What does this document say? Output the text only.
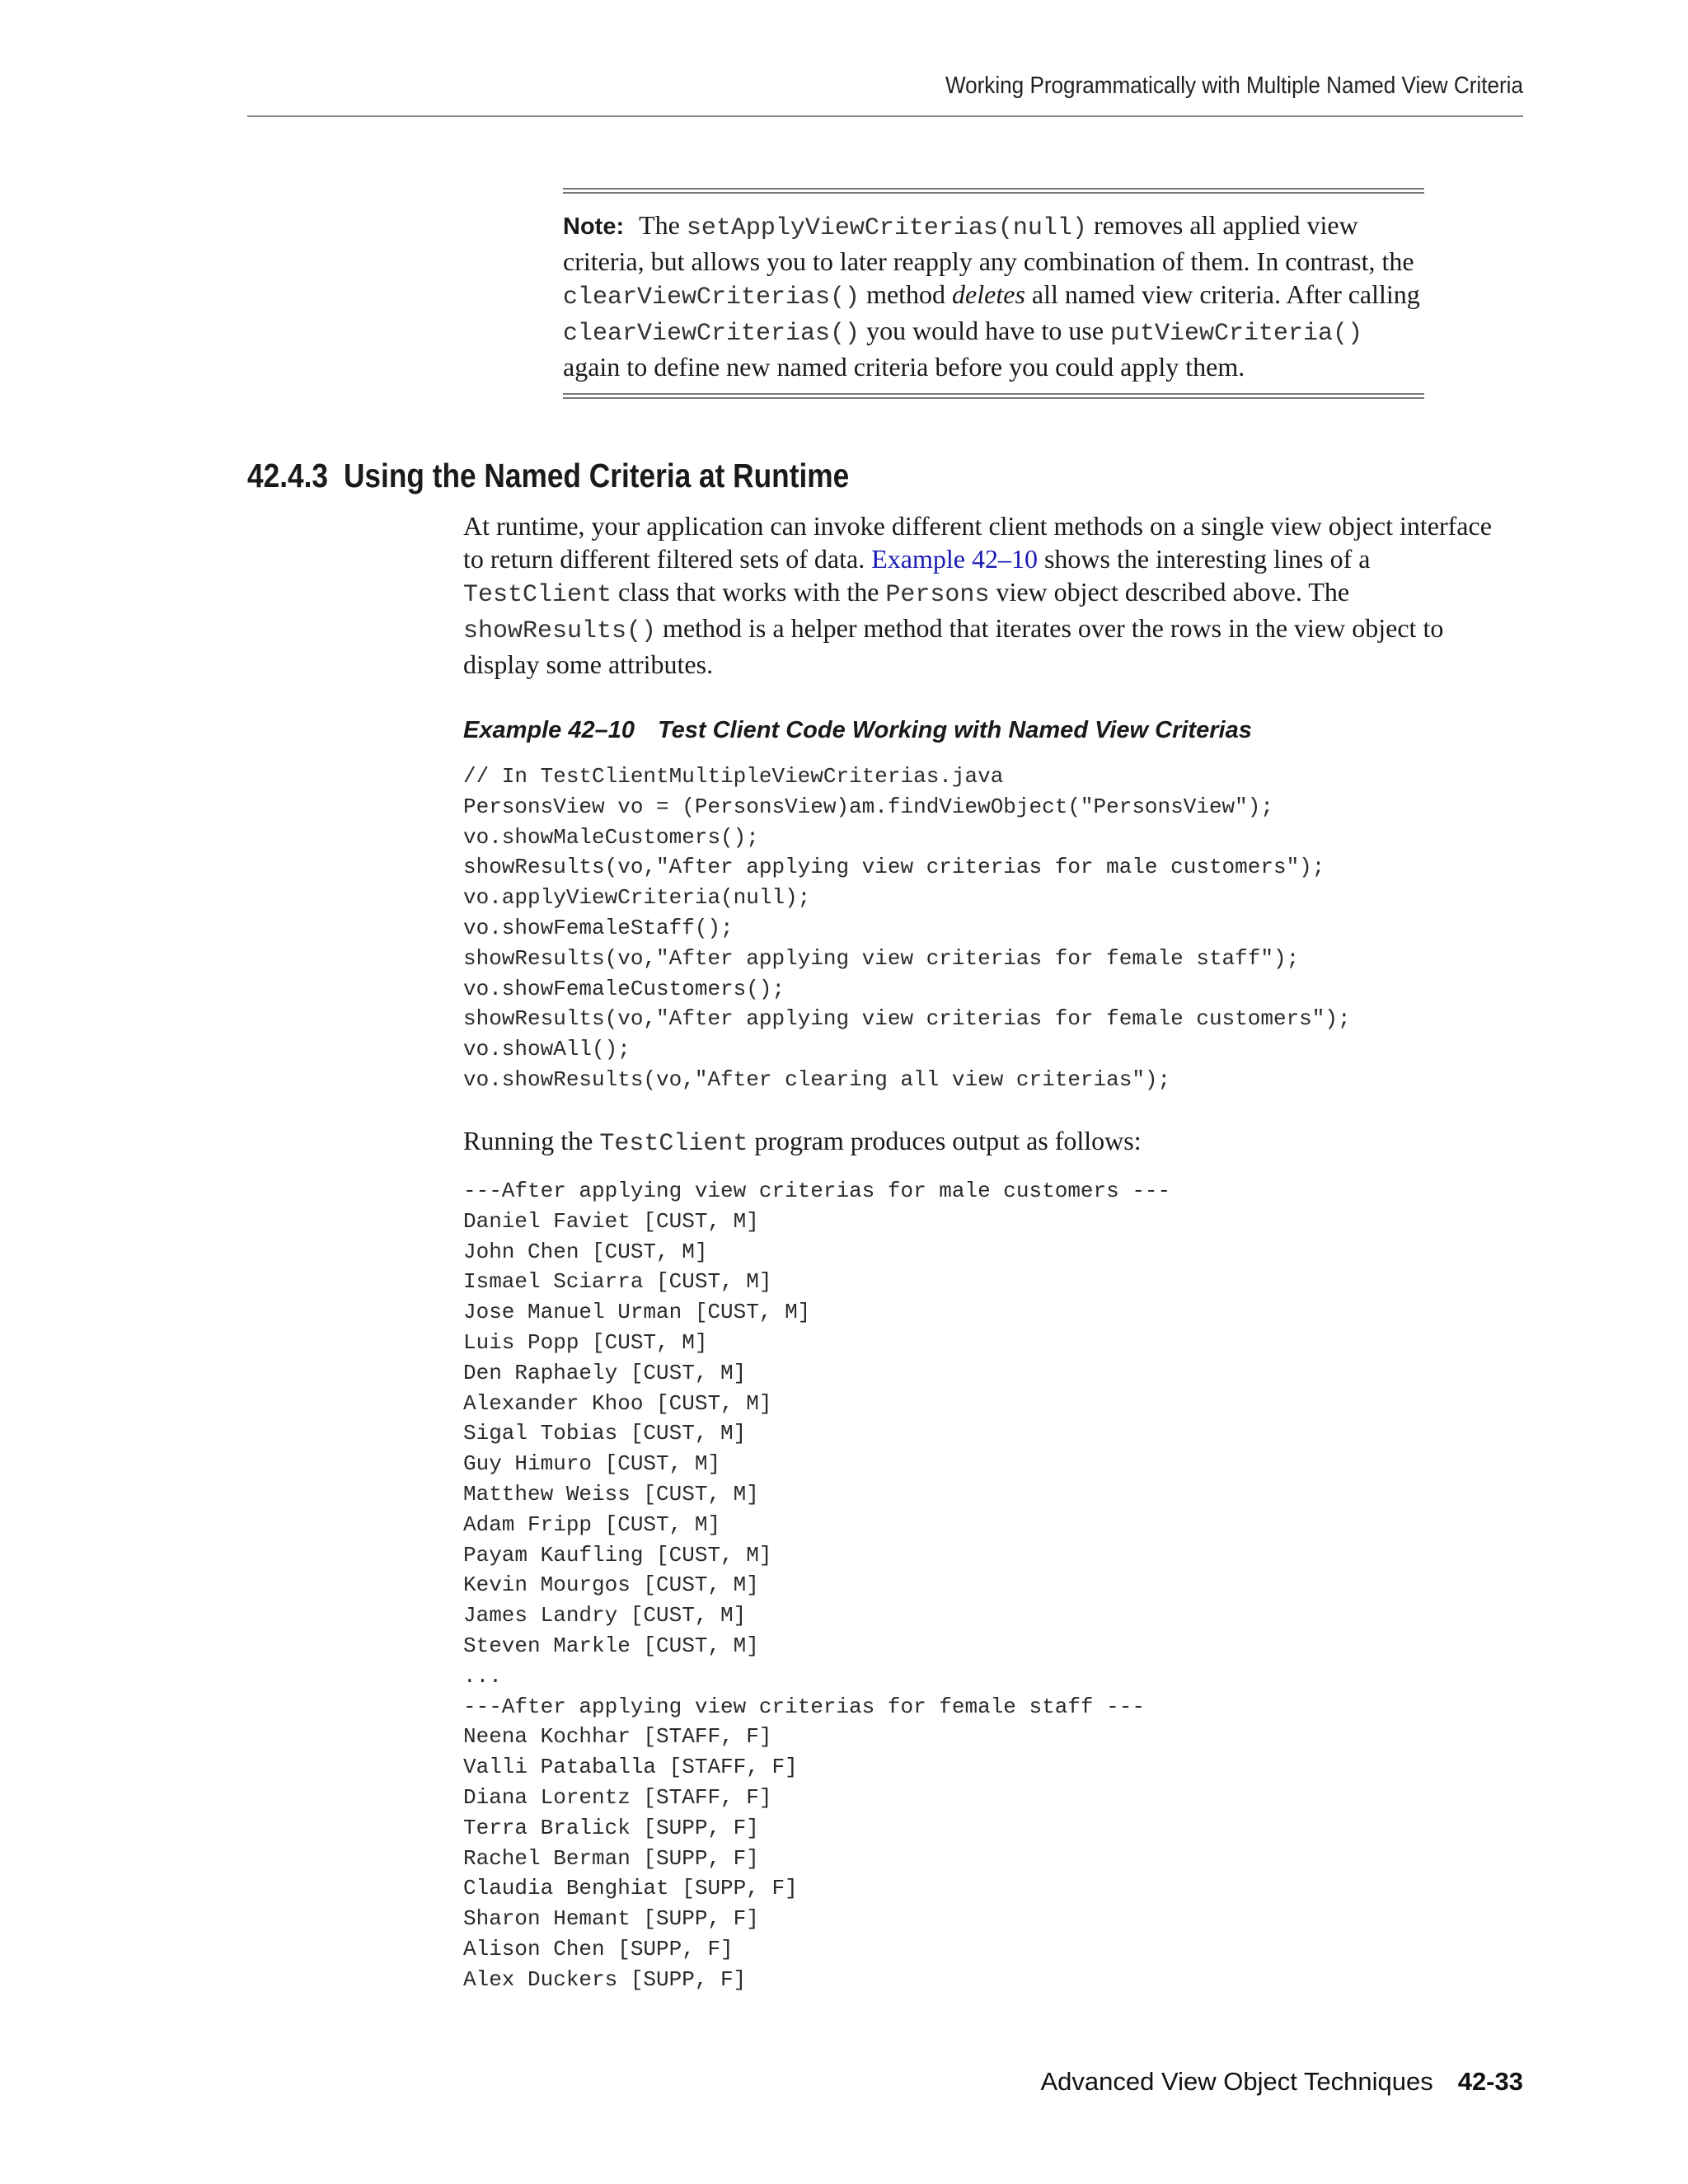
Working Programmatically with Multiple Named View Criteria

Note: The setApplyViewCriterias(null) removes all applied view criteria, but allows you to later reapply any combination of them. In contrast, the clearViewCriterias() method deletes all named view criteria. After calling clearViewCriterias() you would have to use putViewCriteria() again to define new named criteria before you could apply them.

42.4.3 Using the Named Criteria at Runtime

At runtime, your application can invoke different client methods on a single view object interface to return different filtered sets of data. Example 42–10 shows the interesting lines of a TestClient class that works with the Persons view object described above. The showResults() method is a helper method that iterates over the rows in the view object to display some attributes.

Example 42–10 Test Client Code Working with Named View Criterias
// In TestClientMultipleViewCriterias.java
PersonsView vo = (PersonsView)am.findViewObject("PersonsView");
vo.showMaleCustomers();
showResults(vo,"After applying view criterias for male customers");
vo.applyViewCriteria(null);
vo.showFemaleStaff();
showResults(vo,"After applying view criterias for female staff");
vo.showFemaleCustomers();
showResults(vo,"After applying view criterias for female customers");
vo.showAll();
vo.showResults(vo,"After clearing all view criterias");

Running the TestClient program produces output as follows:

---After applying view criterias for male customers ---
Daniel Faviet [CUST, M]
John Chen [CUST, M]
Ismael Sciarra [CUST, M]
Jose Manuel Urman [CUST, M]
Luis Popp [CUST, M]
Den Raphaely [CUST, M]
Alexander Khoo [CUST, M]
Sigal Tobias [CUST, M]
Guy Himuro [CUST, M]
Matthew Weiss [CUST, M]
Adam Fripp [CUST, M]
Payam Kaufling [CUST, M]
Kevin Mourgos [CUST, M]
James Landry [CUST, M]
Steven Markle [CUST, M]
...
---After applying view criterias for female staff ---
Neena Kochhar [STAFF, F]
Valli Pataballa [STAFF, F]
Diana Lorentz [STAFF, F]
Terra Bralick [SUPP, F]
Rachel Berman [SUPP, F]
Claudia Benghiat [SUPP, F]
Sharon Hemant [SUPP, F]
Alison Chen [SUPP, F]
Alex Duckers [SUPP, F]
Advanced View Object Techniques 42-33
